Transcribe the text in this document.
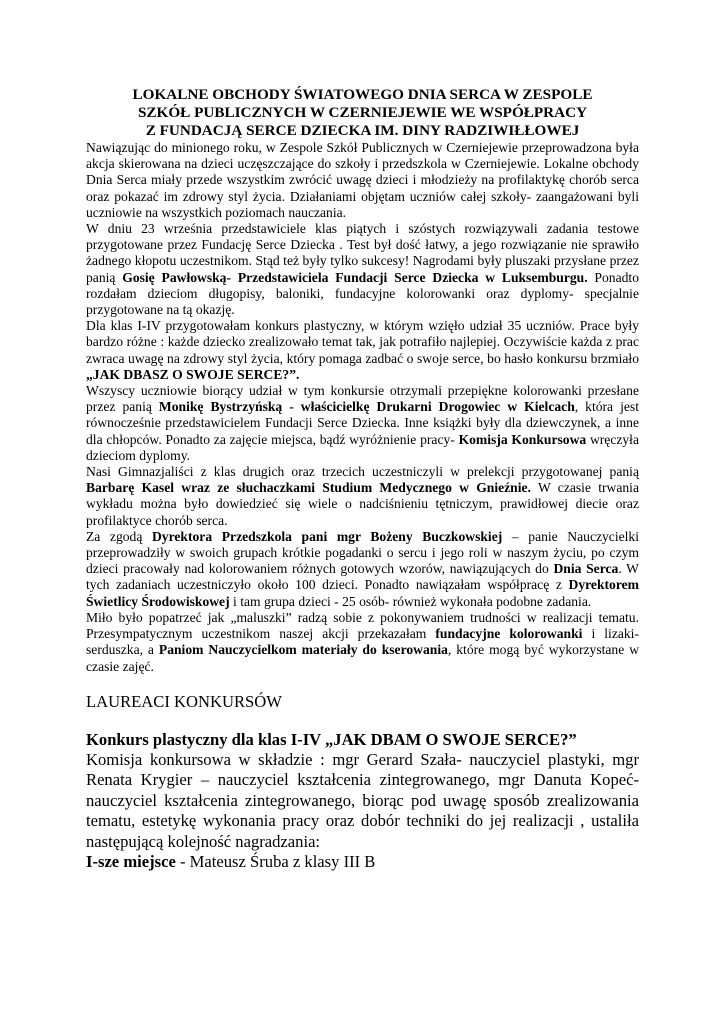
LOKALNE OBCHODY ŚWIATOWEGO DNIA SERCA W ZESPOLE
SZKÓŁ PUBLICZNYCH W CZERNIEJEWIE WE WSPÓŁPRACY
Z FUNDACJĄ SERCE DZIECKA IM. DINY RADZIWIŁŁOWEJ

Nawiązując do minionego roku, w Zespole Szkół Publicznych w Czerniejewie przeprowadzona była akcja skierowana na dzieci uczęszczające do szkoły i przedszkola w Czerniejewie. Lokalne obchody Dnia Serca miały przede wszystkim zwrócić uwagę dzieci i młodzieży na profilaktykę chorób serca oraz pokazać im zdrowy styl życia. Działaniami objętam uczniów całej szkoły- zaangażowani byli uczniowie na wszystkich poziomach nauczania.

W dniu 23 września przedstawiciele klas piątych i szóstych rozwiązywali zadania testowe przygotowane przez Fundację Serce Dziecka . Test był dość łatwy, a jego rozwiązanie nie sprawiło żadnego kłopotu uczestnikom. Stąd też były tylko sukcesy! Nagrodami były pluszaki przysłane przez panią Gosię Pawłowską- Przedstawiciela Fundacji Serce Dziecka w Luksemburgu. Ponadto rozdałam dzieciom długopisy, baloniki, fundacyjne kolorowanki oraz dyplomy- specjalnie przygotowane na tą okazję.

Dla klas I-IV przygotowałam konkurs plastyczny, w którym wzięło udział 35 uczniów. Prace były bardzo różne : każde dziecko zrealizowało temat tak, jak potrafiło najlepiej. Oczywiście każda z prac zwraca uwagę na zdrowy styl życia, który pomaga zadbać o swoje serce, bo hasło konkursu brzmiało „JAK DBASZ O SWOJE SERCE?”.

Wszyscy uczniowie biorący udział w tym konkursie otrzymali przepiękne kolorowanki przesłane przez panią Monikę Bystrzyńską - właścicielkę Drukarni Drogowiec w Kielcach, która jest równocześnie przedstawicielem Fundacji Serce Dziecka. Inne książki były dla dziewczynek, a inne dla chłopców. Ponadto za zajęcie miejsca, bądź wyróżnienie pracy- Komisja Konkursowa wręczyła dzieciom dyplomy.

Nasi Gimnazjaliści z klas drugich oraz trzecich uczestniczyli w prelekcji przygotowanej panią Barbarę Kasel wraz ze słuchaczkami Studium Medycznego w Gnieźnie. W czasie trwania wykładu można było dowiedzieć się wiele o nadciśnieniu tętniczym, prawidłowej diecie oraz profilaktyce chorób serca.

Za zgodą Dyrektora Przedszkola pani mgr Bożeny Buczkowskiej – panie Nauczycielki przeprowadziły w swoich grupach krótkie pogadanki o sercu i jego roli w naszym życiu, po czym dzieci pracowały nad kolorowaniem różnych gotowych wzorów, nawiązujących do Dnia Serca. W tych zadaniach uczestniczyło około 100 dzieci. Ponadto nawiązałam współpracę z Dyrektorem Świetlicy Środowiskowej i tam grupa dzieci - 25 osób- również wykonała podobne zadania.

Miło było popatrzeć jak „maluszki” radzą sobie z pokonywaniem trudności w realizacji tematu. Przesympatycznym uczestnikom naszej akcji przekazałam fundacyjne kolorowanki i lizaki- serduszka, a Paniom Nauczycielkom materiały do kserowania, które mogą być wykorzystane w czasie zajęć.

LAUREACI KONKURSÓW

Konkurs plastyczny dla klas I-IV „JAK DBAM O SWOJE SERCE?”

Komisja konkursowa w składzie : mgr Gerard Szała- nauczyciel plastyki, mgr Renata Krygier – nauczyciel kształcenia zintegrowanego, mgr Danuta Kopeć- nauczyciel kształcenia zintegrowanego, biorąc pod uwagę sposób zrealizowania tematu, estetykę wykonania pracy oraz dobór techniki do jej realizacji , ustaliła następującą kolejność nagradzania:

I-sze miejsce - Mateusz Śruba z klasy III B
